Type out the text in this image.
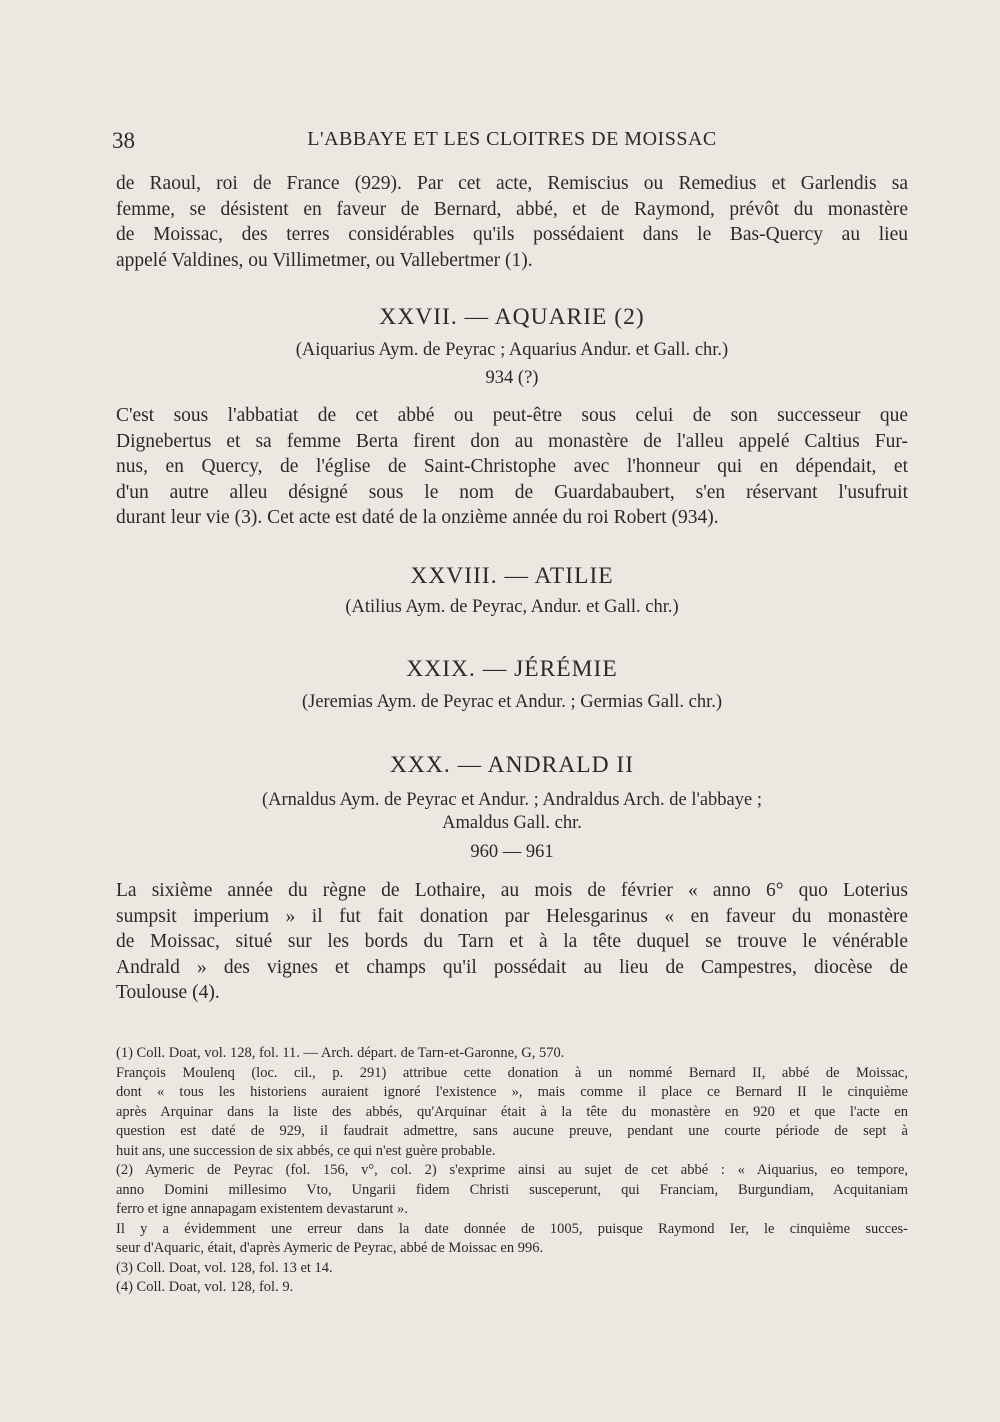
38	L'ABBAYE ET LES CLOITRES DE MOISSAC
de Raoul, roi de France (929). Par cet acte, Remiscius ou Remedius et Garlendis sa
femme, se désistent en faveur de Bernard, abbé, et de Raymond, prévôt du monastère
de Moissac, des terres considérables qu'ils possédaient dans le Bas-Quercy au lieu
appelé Valdines, ou Villimetmer, ou Vallebertmer (1).
XXVII. — AQUARIE (2)
(Aiquarius Aym. de Peyrac ; Aquarius Andur. et Gall. chr.)
934 (?)
C'est sous l'abbatiat de cet abbé ou peut-être sous celui de son successeur que
Dignebertus et sa femme Berta firent don au monastère de l'alleu appelé Caltius Fur-
nus, en Quercy, de l'église de Saint-Christophe avec l'honneur qui en dépendait, et
d'un autre alleu désigné sous le nom de Guardabaubert, s'en réservant l'usufruit
durant leur vie (3). Cet acte est daté de la onzième année du roi Robert (934).
XXVIII. — ATILIE
(Atilius Aym. de Peyrac, Andur. et Gall. chr.)
XXIX. — JÉRÉMIE
(Jeremias Aym. de Peyrac et Andur. ; Germias Gall. chr.)
XXX. — ANDRALD II
(Arnaldus Aym. de Peyrac et Andur. ; Andraldus Arch. de l'abbaye ;
Amaldus Gall. chr.
960 — 961
La sixième année du règne de Lothaire, au mois de février « anno 6° quo Loterius
sumpsit imperium » il fut fait donation par Helesgarinus « en faveur du monastère
de Moissac, situé sur les bords du Tarn et à la tête duquel se trouve le vénérable
Andrald » des vignes et champs qu'il possédait au lieu de Campestres, diocèse de
Toulouse (4).
(1) Coll. Doat, vol. 128, fol. 11. — Arch. départ. de Tarn-et-Garonne, G, 570.
François Moulenq (loc. cil., p. 291) attribue cette donation à un nommé Bernard II, abbé de Moissac,
dont « tous les historiens auraient ignoré l'existence », mais comme il place ce Bernard II le cinquième
après Arquinar dans la liste des abbés, qu'Arquinar était à la tête du monastère en 920 et que l'acte en
question est daté de 929, il faudrait admettre, sans aucune preuve, pendant une courte période de sept à
huit ans, une succession de six abbés, ce qui n'est guère probable.
(2) Aymeric de Peyrac (fol. 156, v°, col. 2) s'exprime ainsi au sujet de cet abbé : « Aiquarius, eo tempore,
anno Domini millesimo Vto, Ungarii fidem Christi susceperunt, qui Franciam, Burgundiam, Acquitaniam
ferro et igne annapagam existentem devastarunt ».
Il y a évidemment une erreur dans la date donnée de 1005, puisque Raymond Ier, le cinquième succes-
seur d'Aquaric, était, d'après Aymeric de Peyrac, abbé de Moissac en 996.
(3) Coll. Doat, vol. 128, fol. 13 et 14.
(4) Coll. Doat, vol. 128, fol. 9.
